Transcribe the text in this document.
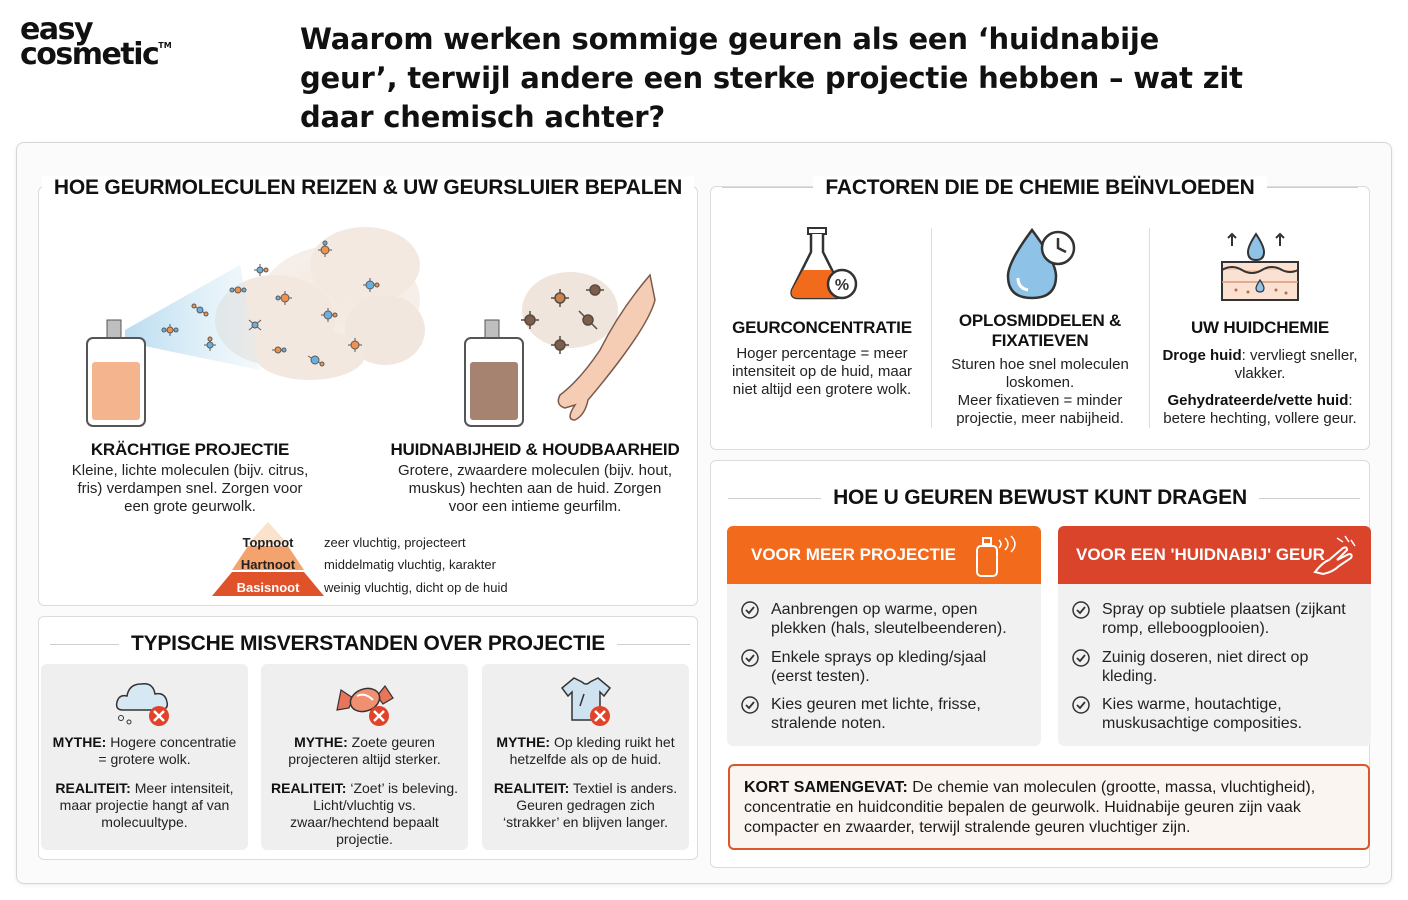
easy
cosmetic™	Waarom werken sommige geuren als een ‘huidnabije geur’, terwijl andere een sterke projectie hebben – wat zit daar chemisch achter?
HOE GEURMOLECULEN REIZEN & UW GEURSLUIER BEPALEN
KRÄCHTIGE PROJECTIE
Kleine, lichte moleculen (bijv. citrus, fris) verdampen snel. Zorgen voor een grote geurwolk.
HUIDNABIJHEID & HOUDBAARHEID
Grotere, zwaardere moleculen (bijv. hout, muskus) hechten aan de huid. Zorgen voor een intieme geurfilm.
Topnoot
Hartnoot
Basisnoot
zeer vluchtig, projecteert
middelmatig vluchtig, karakter
weinig vluchtig, dicht op de huid
TYPISCHE MISVERSTANDEN OVER PROJECTIE
MYTHE: Hogere concentratie = grotere wolk.
REALITEIT: Meer intensiteit, maar projectie hangt af van molecuultype.
MYTHE: Zoete geuren projecteren altijd sterker.
REALITEIT: ‘Zoet’ is beleving. Licht/vluchtig vs. zwaar/hechtend bepaalt projectie.
MYTHE: Op kleding ruikt het hetzelfde als op de huid.
REALITEIT: Textiel is anders. Geuren gedragen zich ‘strakker’ en blijven langer.
FACTOREN DIE DE CHEMIE BEÏNVLOEDEN
%
GEURCONCENTRATIE
Hoger percentage = meer intensiteit op de huid, maar niet altijd een grotere wolk.
OPLOSMIDDELEN & FIXATIEVEN
Sturen hoe snel moleculen loskomen.
Meer fixatieven = minder projectie, meer nabijheid.
UW HUIDCHEMIE
Droge huid: vervliegt sneller, vlakker.
Gehydrateerde/vette huid: betere hechting, vollere geur.
HOE U GEUREN BEWUST KUNT DRAGEN
VOOR MEER PROJECTIE
Aanbrengen op warme, open plekken (hals, sleutelbeenderen).
Enkele sprays op kleding/sjaal (eerst testen).
Kies geuren met lichte, frisse, stralende noten.
VOOR EEN 'HUIDNABIJ' GEUR
Spray op subtiele plaatsen (zijkant romp, elleboogplooien).
Zuinig doseren, niet direct op kleding.
Kies warme, houtachtige, muskusachtige composities.
KORT SAMENGEVAT: De chemie van moleculen (grootte, massa, vluchtigheid), concentratie en huidconditie bepalen de geurwolk. Huidnabije geuren zijn vaak compacter en zwaarder, terwijl stralende geuren vluchtiger zijn.
